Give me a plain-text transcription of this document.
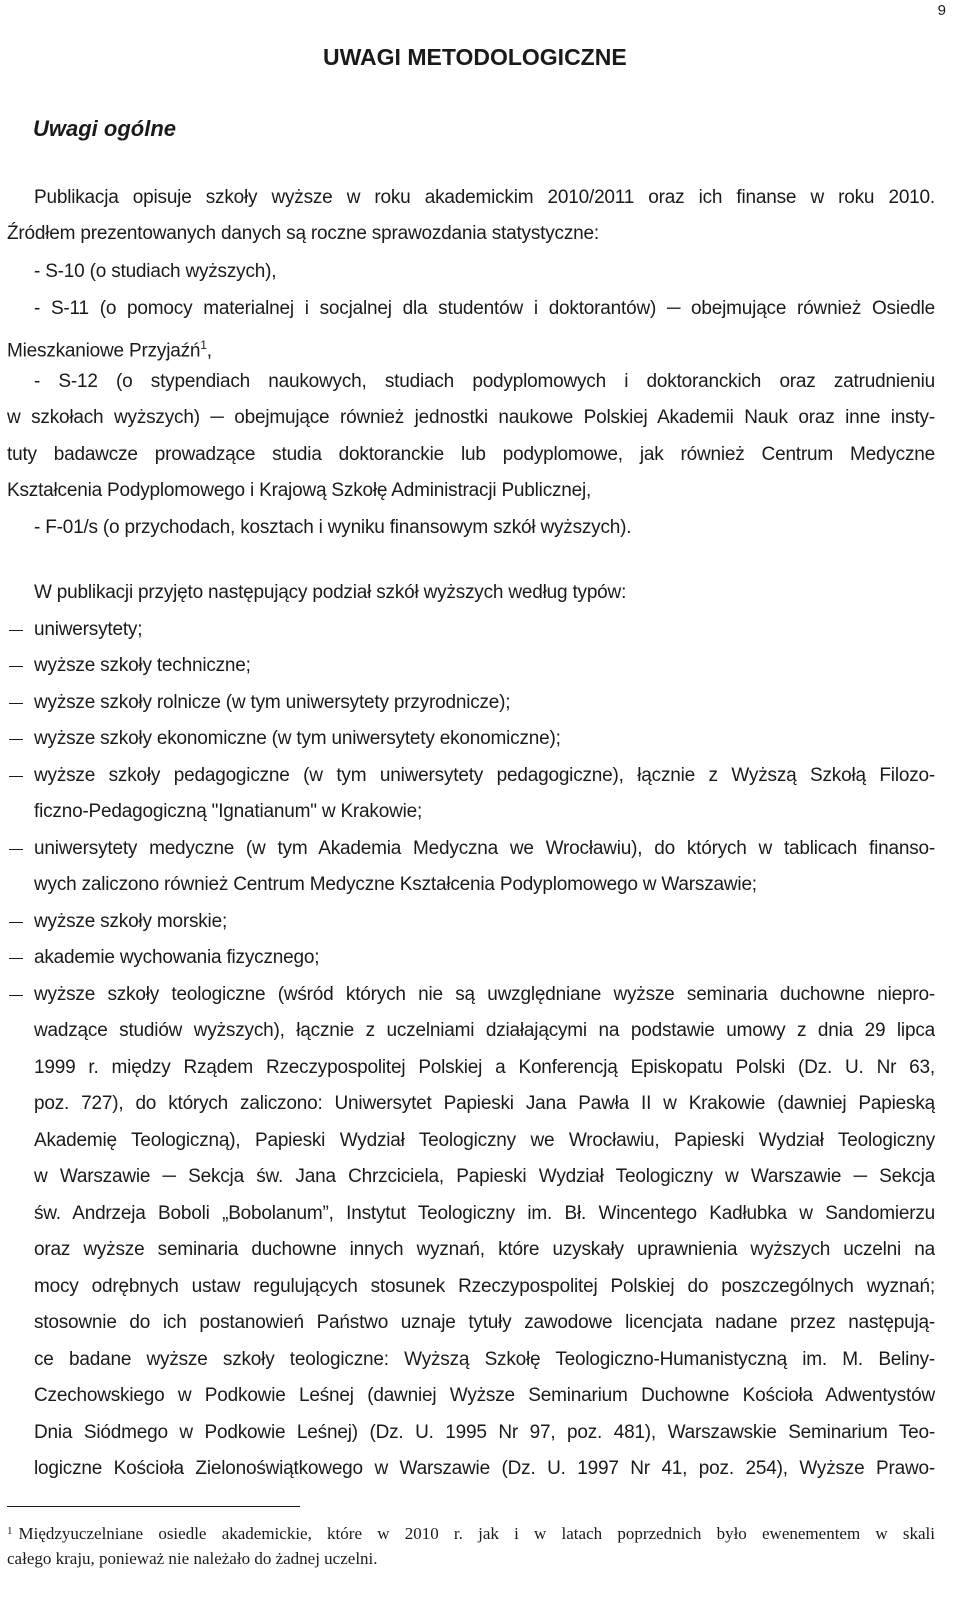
9
UWAGI METODOLOGICZNE
Uwagi ogólne
Publikacja opisuje szkoły wyższe w roku akademickim 2010/2011 oraz ich finanse w roku 2010.
Źródłem prezentowanych danych są roczne sprawozdania statystyczne:
- S-10 (o studiach wyższych),
- S-11 (o pomocy materialnej i socjalnej dla studentów i doktorantów) ─ obejmujące również Osiedle
Mieszkaniowe Przyjaźń$^1$,
- S-12 (o stypendiach naukowych, studiach podyplomowych i doktoranckich oraz zatrudnieniu
w szkołach wyższych) ─ obejmujące również jednostki naukowe Polskiej Akademii Nauk oraz inne insty-
tuty badawcze prowadzące studia doktoranckie lub podyplomowe, jak również Centrum Medyczne
Kształcenia Podyplomowego i Krajową Szkołę Administracji Publicznej,
- F-01/s (o przychodach, kosztach i wyniku finansowym szkół wyższych).
W publikacji przyjęto następujący podział szkół wyższych według typów:
uniwersytety;
wyższe szkoły techniczne;
wyższe szkoły rolnicze (w tym uniwersytety przyrodnicze);
wyższe szkoły ekonomiczne (w tym uniwersytety ekonomiczne);
wyższe szkoły pedagogiczne (w tym uniwersytety pedagogiczne), łącznie z Wyższą Szkołą Filozo-
ficzno-Pedagogiczną "Ignatianum" w Krakowie;
uniwersytety medyczne (w tym Akademia Medyczna we Wrocławiu), do których w tablicach finanso-
wych zaliczono również Centrum Medyczne Kształcenia Podyplomowego w Warszawie;
wyższe szkoły morskie;
akademie wychowania fizycznego;
wyższe szkoły teologiczne (wśród których nie są uwzględniane wyższe seminaria duchowne niepro-
wadzące studiów wyższych), łącznie z uczelniami działającymi na podstawie umowy z dnia 29 lipca
1999 r. między Rządem Rzeczypospolitej Polskiej a Konferencją Episkopatu Polski (Dz. U. Nr 63,
poz. 727), do których zaliczono: Uniwersytet Papieski Jana Pawła II w Krakowie (dawniej Papieską
Akademię Teologiczną), Papieski Wydział Teologiczny we Wrocławiu, Papieski Wydział Teologiczny
w Warszawie ─ Sekcja św. Jana Chrzciciela, Papieski Wydział Teologiczny w Warszawie ─ Sekcja
św. Andrzeja Boboli „Bobolanum”, Instytut Teologiczny im. Bł. Wincentego Kadłubka w Sandomierzu
oraz wyższe seminaria duchowne innych wyznań, które uzyskały uprawnienia wyższych uczelni na
mocy odrębnych ustaw regulujących stosunek Rzeczypospolitej Polskiej do poszczególnych wyznań;
stosownie do ich postanowień Państwo uznaje tytuły zawodowe licencjata nadane przez następują-
ce badane wyższe szkoły teologiczne: Wyższą Szkołę Teologiczno-Humanistyczną im. M. Beliny-
Czechowskiego w Podkowie Leśnej (dawniej Wyższe Seminarium Duchowne Kościoła Adwentystów
Dnia Siódmego w Podkowie Leśnej) (Dz. U. 1995 Nr 97, poz. 481), Warszawskie Seminarium Teo-
logiczne Kościoła Zielonoświątkowego w Warszawie (Dz. U. 1997 Nr 41, poz. 254), Wyższe Prawo-
$^1$ Międzyuczelniane osiedle akademickie, które w 2010 r. jak i w latach poprzednich było ewenementem w skali
całego kraju, ponieważ nie należało do żadnej uczelni.
